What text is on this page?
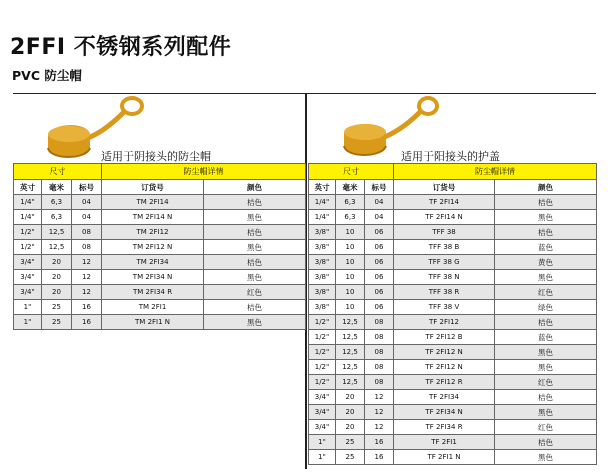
2FFI 不锈钢系列配件
PVC 防尘帽
适用于阴接头的防尘帽	适用于阳接头的护盖
尺寸			防尘帽详情	
英寸	毫米	标号	订货号	颜色
1/4"	6,3	04	TM 2FI14	桔色
1/4"	6,3	04	TM 2FI14 N	黑色
1/2"	12,5	08	TM 2FI12	桔色
1/2"	12,5	08	TM 2FI12 N	黑色
3/4"	20	12	TM 2FI34	桔色
3/4"	20	12	TM 2FI34 N	黑色
3/4"	20	12	TM 2FI34 R	红色
1"	25	16	TM 2FI1	桔色
1"	25	16	TM 2FI1 N	黑色
尺寸			防尘帽详情	
英寸	毫米	标号	订货号	颜色
1/4"	6,3	04	TF 2FI14	桔色
1/4"	6,3	04	TF 2FI14 N	黑色
3/8"	10	06	TFF 38	桔色
3/8"	10	06	TFF 38 B	蓝色
3/8"	10	06	TFF 38 G	黄色
3/8"	10	06	TFF 38 N	黑色
3/8"	10	06	TFF 38 R	红色
3/8"	10	06	TFF 38 V	绿色
1/2"	12,5	08	TF 2FI12	桔色
1/2"	12,5	08	TF 2FI12 B	蓝色
1/2"	12,5	08	TF 2FI12 N	黑色
1/2"	12,5	08	TF 2FI12 N	黑色
1/2"	12,5	08	TF 2FI12 R	红色
3/4"	20	12	TF 2FI34	桔色
3/4"	20	12	TF 2FI34 N	黑色
3/4"	20	12	TF 2FI34 R	红色
1"	25	16	TF 2FI1	桔色
1"	25	16	TF 2FI1 N	黑色
